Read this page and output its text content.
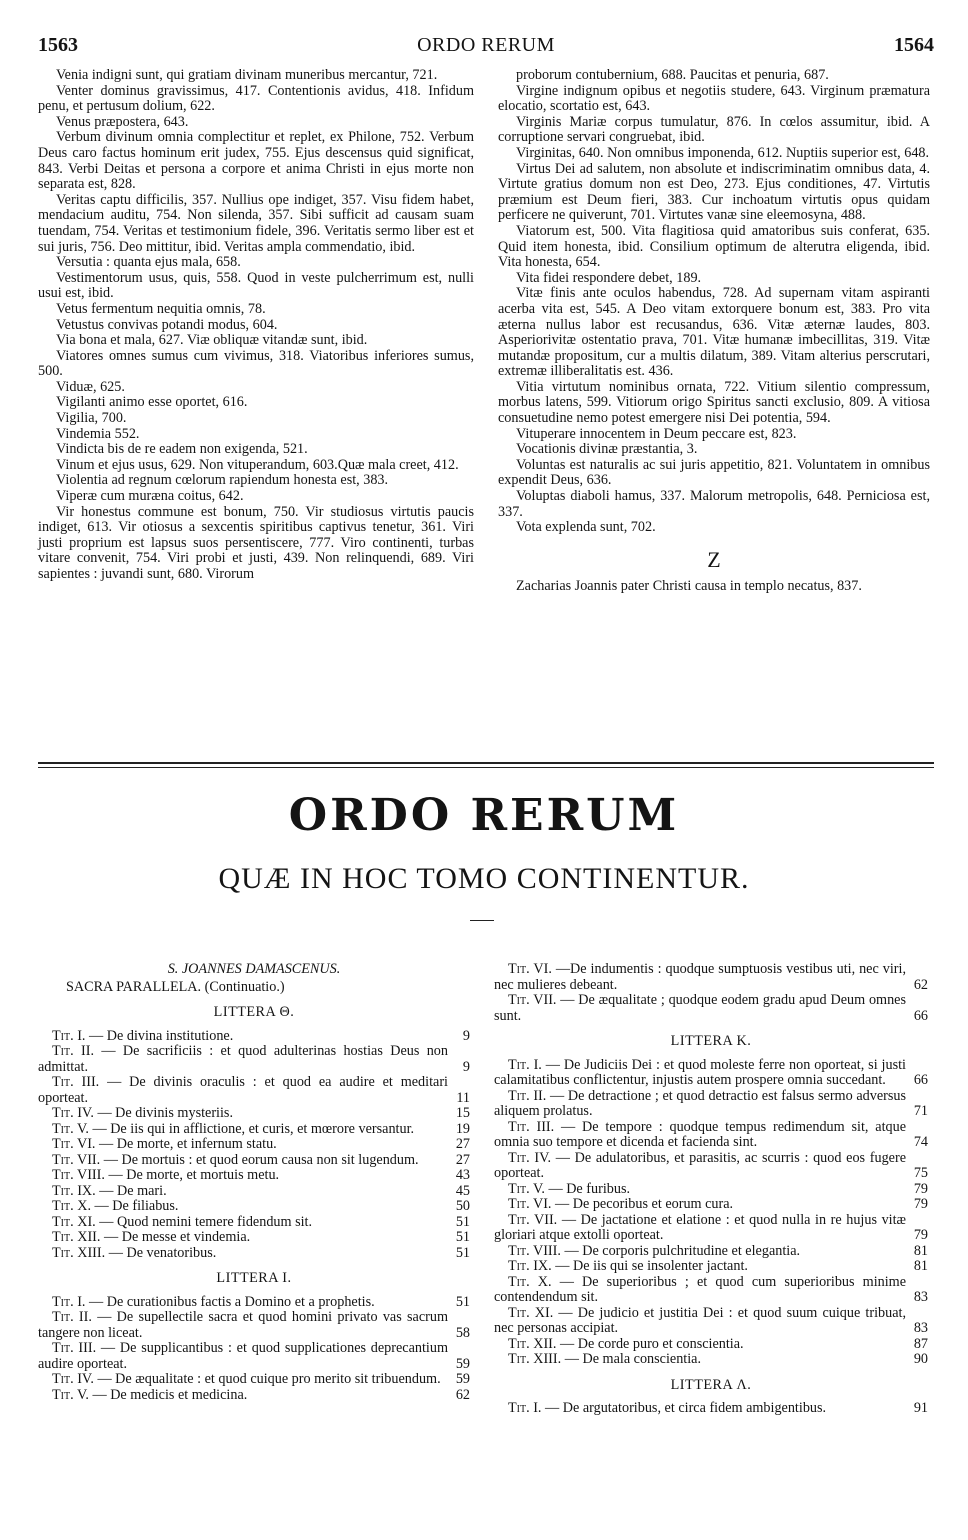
1563	ORDO RERUM	1564

Venia indigni sunt, qui gratiam divinam muneribus mercantur, 721.

Venter dominus gravissimus, 417. Contentionis avidus, 418. Infidum penu, et pertusum dolium, 622.

Venus præpostera, 643.

Verbum divinum omnia complectitur et replet, ex Philone, 752. Verbum Deus caro factus hominum erit judex, 755. Ejus descensus quid significat, 843. Verbi Deitas et persona a corpore et anima Christi in ejus morte non separata est, 828.

Veritas captu difficilis, 357. Nullius ope indiget, 357. Visu fidem habet, mendacium auditu, 754. Non silenda, 357. Sibi sufficit ad causam suam tuendam, 754. Veritas et testimonium fidele, 396. Veritatis sermo liber est et sui juris, 756. Deo mittitur, ibid. Veritas ampla commendatio, ibid.

Versutia : quanta ejus mala, 658.

Vestimentorum usus, quis, 558. Quod in veste pulcherrimum est, nulli usui est, ibid.

Vetus fermentum nequitia omnis, 78.

Vetustus convivas potandi modus, 604.

Via bona et mala, 627. Viæ obliquæ vitandæ sunt, ibid.

Viatores omnes sumus cum vivimus, 318. Viatoribus inferiores sumus, 500.

Viduæ, 625.

Vigilanti animo esse oportet, 616.

Vigilia, 700.

Vindemia 552.

Vindicta bis de re eadem non exigenda, 521.

Vinum et ejus usus, 629. Non vituperandum, 603.Quæ mala creet, 412.

Violentia ad regnum cœlorum rapiendum honesta est, 383.

Viperæ cum murænа coitus, 642.

Vir honestus commune est bonum, 750. Vir studiosus virtutis paucis indiget, 613. Vir otiosus a sexcentis spiritibus captivus tenetur, 361. Viri justi proprium est lapsus suos persentiscere, 777. Viro continenti, turbas vitare convenit, 754. Viri probi et justi, 439. Non relinquendi, 689. Viri sapientes : juvandi sunt, 680. Virorum

proborum contubernium, 688. Paucitas et penuria, 687.

Virgine indignum opibus et negotiis studere, 643. Virginum præmatura elocatio, scortatio est, 643.

Virginis Mariæ corpus tumulatur, 876. In cœlos assumitur, ibid. A corruptione servari congruebat, ibid.

Virginitas, 640. Non omnibus imponenda, 612. Nuptiis superior est, 648.

Virtus Dei ad salutem, non absolute et indiscriminatim omnibus data, 4. Virtute gratius domum non est Deo, 273. Ejus conditiones, 47. Virtutis præmium est Deum fieri, 383. Cur inchoatum virtutis opus quidam perficere ne quiverunt, 701. Virtutes vanæ sine eleemosyna, 488.

Viatorum est, 500. Vita flagitiosa quid amatoribus suis conferat, 635. Quid item honesta, ibid. Consilium optimum de alterutra eligenda, ibid. Vita honesta, 654.

Vita fidei respondere debet, 189.

Vitæ finis ante oculos habendus, 728. Ad supernam vitam aspiranti acerba vita est, 545. A Deo vitam extorquere bonum est, 383. Pro vita æterna nullus labor est recusandus, 636. Vitæ æternæ laudes, 803. Asperiorivitæ ostentatio prava, 701. Vitæ humanæ imbecillitas, 319. Vitæ mutandæ propositum, cur a multis dilatum, 389. Vitam alterius perscrutari, extremæ illiberalitatis est. 436.

Vitia virtutum nominibus ornata, 722. Vitium silentio compressum, morbus latens, 599. Vitiorum origo Spiritus sancti exclusio, 809. A vitiosa consuetudine nemo potest emergere nisi Dei potentia, 594.

Vituperare innocentem in Deum peccare est, 823.

Vocationis divinæ præstantia, 3.

Voluntas est naturalis ac sui juris appetitio, 821. Voluntatem in omnibus expendit Deus, 636.

Voluptas diaboli hamus, 337. Malorum metropolis, 648. Perniciosa est, 337.

Vota explenda sunt, 702.

Z

Zacharias Joannis pater Christi causa in templo necatus, 837.

ORDO RERUM
QUÆ IN HOC TOMO CONTINENTUR.

S. JOANNES DAMASCENUS.

SACRA PARALLELA. (Continuatio.)

LITTERA Θ.
Tit. I. — De divina institutione.	9
Tit. II. — De sacrificiis : et quod adulterinas hostias Deus non admittat.	9
Tit. III. — De divinis oraculis : et quod ea audire et meditari oporteat.	11
Tit. IV. — De divinis mysteriis.	15
Tit. V. — De iis qui in afflictione, et curis, et mœrore versantur.	19
Tit. VI. — De morte, et infernum statu.	27
Tit. VII. — De mortuis : et quod eorum causa non sit lugendum.	27
Tit. VIII. — De morte, et mortuis metu.	43
Tit. IX. — De mari.	45
Tit. X. — De filiabus.	50
Tit. XI. — Quod nemini temere fidendum sit.	51
Tit. XII. — De messe et vindemia.	51
Tit. XIII. — De venatoribus.	51
LITTERA I.
Tit. I. — De curationibus factis a Domino et a prophetis.	51
Tit. II. — De supellectile sacra et quod homini privato vas sacrum tangere non liceat.	58
Tit. III. — De supplicantibus : et quod supplicationes deprecantium audire oporteat.	59
Tit. IV. — De æqualitate : et quod cuique pro merito sit tribuendum. 59
Tit. V. — De medicis et medicina.	62
Tit. VI. —De indumentis : quodque sumptuosis vestibus uti, nec viri, nec mulieres debeant.	62
Tit. VII. — De æqualitate ; quodque eodem gradu apud Deum omnes sunt.	66
LITTERA K.
Tit. I. — De Judiciis Dei : et quod moleste ferre non oporteat, si justi calamitatibus conflictentur, injustis autem prospere omnia succedant. 66
Tit. II. — De detractione ; et quod detractio est falsus sermo adversus aliquem prolatus.	71
Tit. III. — De tempore : quodque tempus redimendum sit, atque omnia suo tempore et dicenda et facienda sint.	74
Tit. IV. — De adulatoribus, et parasitis, ac scurris : quod eos fugere oporteat.	75
Tit. V. — De furibus.	79
Tit. VI. — De pecoribus et eorum cura.	79
Tit. VII. — De jactatione et elatione : et quod nulla in re hujus vitæ gloriari atque extolli oporteat.	79
Tit. VIII. — De corporis pulchritudine et elegantia.	81
Tit. IX. — De iis qui se insolenter jactant.	81
Tit. X. — De superioribus ; et quod cum superioribus minime contendendum sit.	83
Tit. XI. — De judicio et justitia Dei : et quod suum cuique tribuat, nec personas accipiat.	83
Tit. XII. — De corde puro et conscientia.	87
Tit. XIII. — De mala conscientia.	90
LITTERA Λ.
Tit. I. — De argutatoribus, et circa fidem ambigentibus.	91
